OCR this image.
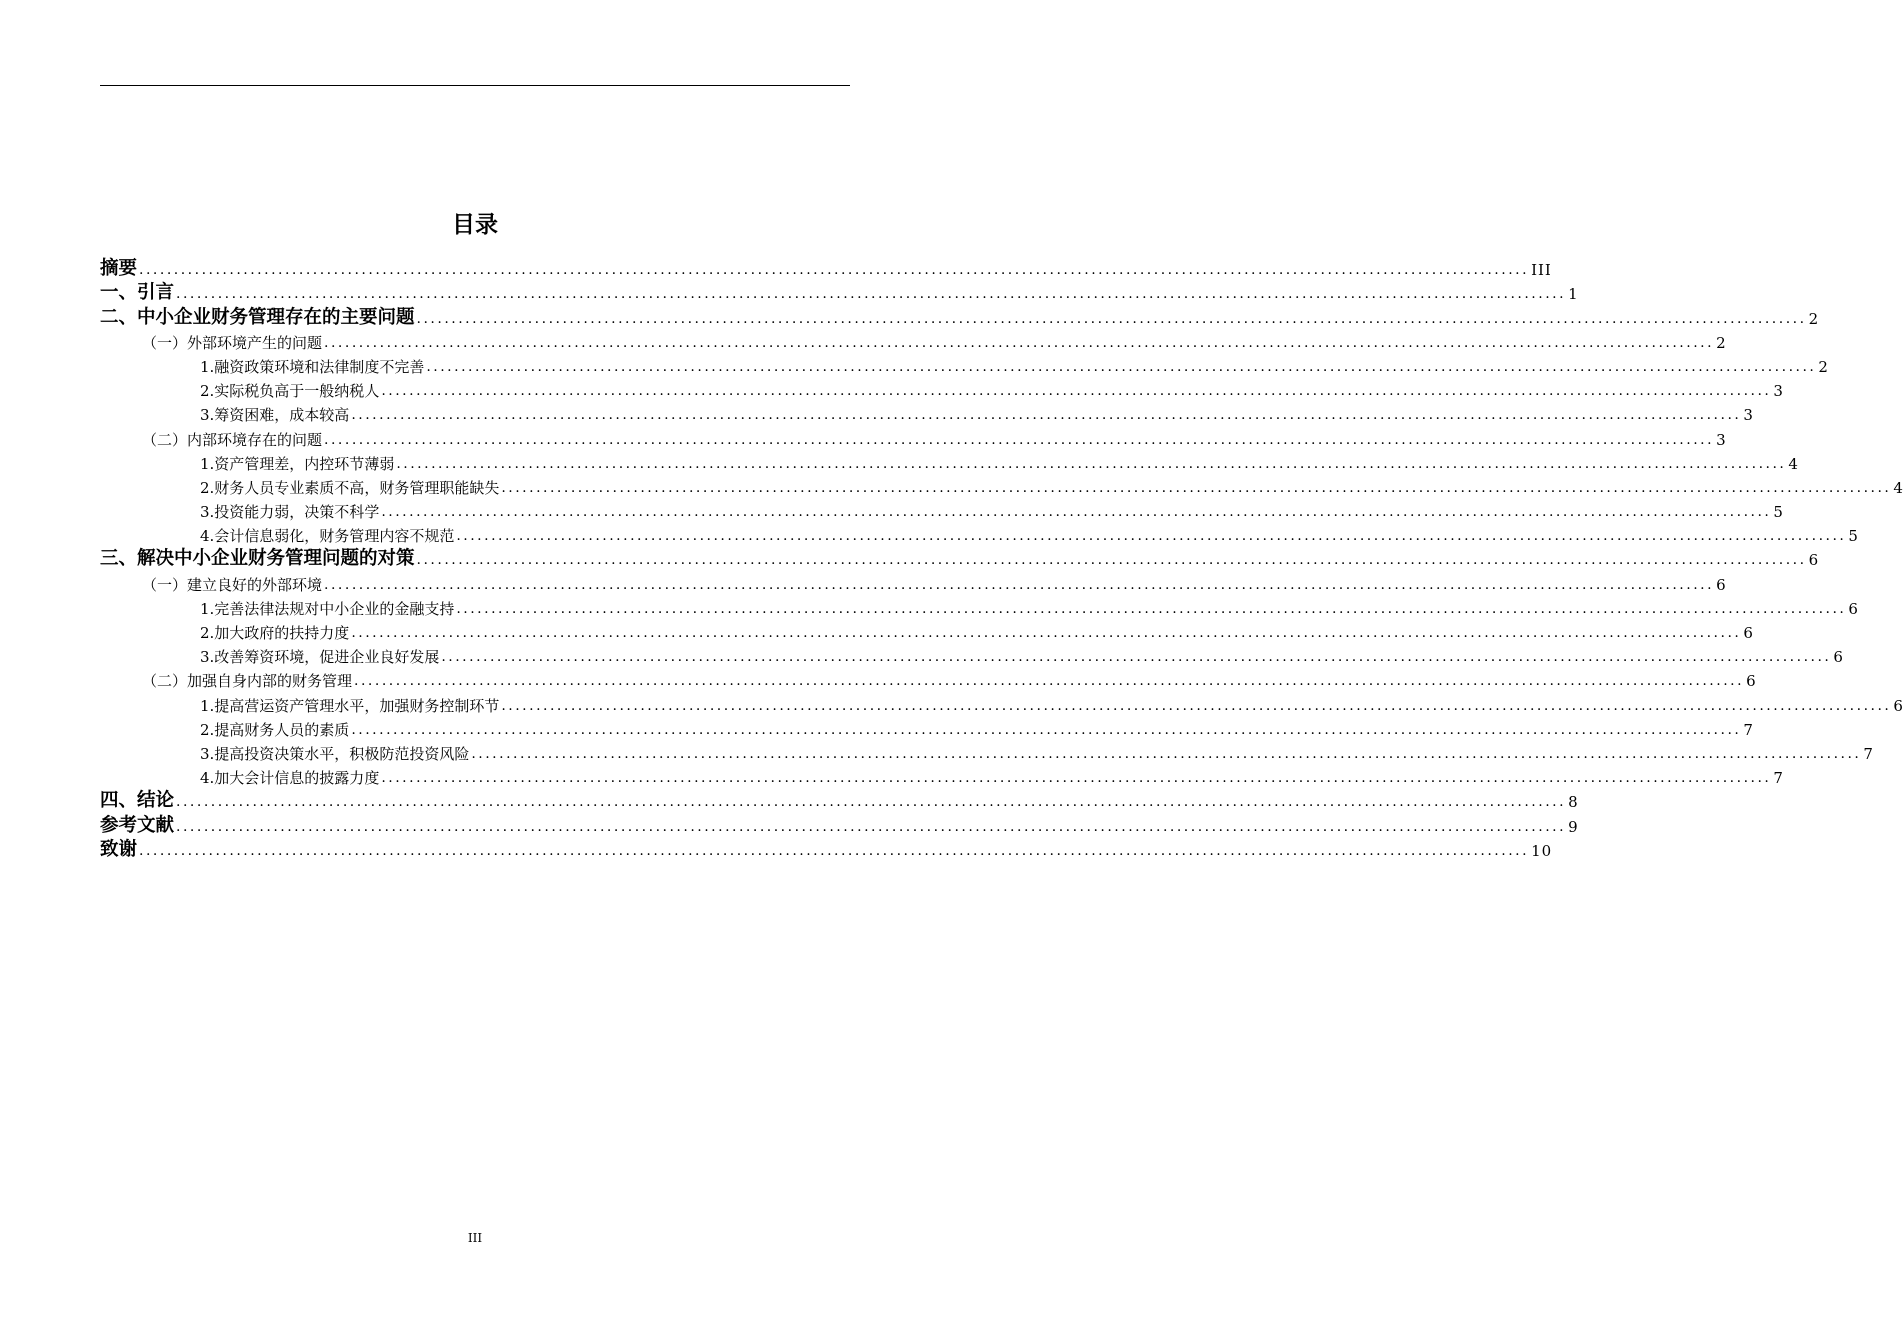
目录
摘要 ........................................................................................................................................................................................................ III
一、引言 ........................................................................................................................................................................................................ 1
二、中小企业财务管理存在的主要问题 ........................................................................................................................................................................................................ 2
（一）外部环境产生的问题 ........................................................................................................................................................................................................ 2
1.融资政策环境和法律制度不完善 ........................................................................................................................................................................................................ 2
2.实际税负高于一般纳税人 ........................................................................................................................................................................................................ 3
3.筹资困难，成本较高 ........................................................................................................................................................................................................ 3
（二）内部环境存在的问题 ........................................................................................................................................................................................................ 3
1.资产管理差，内控环节薄弱 ........................................................................................................................................................................................................ 4
2.财务人员专业素质不高，财务管理职能缺失 ........................................................................................................................................................................................................ 4
3.投资能力弱，决策不科学 ........................................................................................................................................................................................................ 5
4.会计信息弱化，财务管理内容不规范 ........................................................................................................................................................................................................ 5
三、解决中小企业财务管理问题的对策 ........................................................................................................................................................................................................ 6
（一）建立良好的外部环境 ........................................................................................................................................................................................................ 6
1.完善法律法规对中小企业的金融支持 ........................................................................................................................................................................................................ 6
2.加大政府的扶持力度 ........................................................................................................................................................................................................ 6
3.改善筹资环境，促进企业良好发展 ........................................................................................................................................................................................................ 6
（二）加强自身内部的财务管理 ........................................................................................................................................................................................................ 6
1.提高营运资产管理水平，加强财务控制环节 ........................................................................................................................................................................................................ 6
2.提高财务人员的素质 ........................................................................................................................................................................................................ 7
3.提高投资决策水平，积极防范投资风险 ........................................................................................................................................................................................................ 7
4.加大会计信息的披露力度 ........................................................................................................................................................................................................ 7
四、结论 ........................................................................................................................................................................................................ 8
参考文献 ........................................................................................................................................................................................................ 9
致谢 ........................................................................................................................................................................................................ 10
III
